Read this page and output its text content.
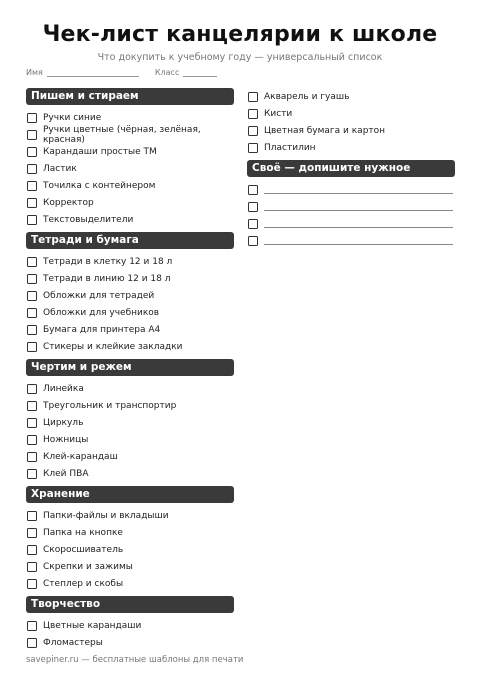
Чек-лист канцелярии к школе
Что докупить к учебному году — универсальный список
Имя	Класс
Пишем и стираем
Ручки синие
Ручки цветные (чёрная, зелёная, красная)
Карандаши простые ТМ
Ластик
Точилка с контейнером
Корректор
Текстовыделители
Тетради и бумага
Тетради в клетку 12 и 18 л
Тетради в линию 12 и 18 л
Обложки для тетрадей
Обложки для учебников
Бумага для принтера А4
Стикеры и клейкие закладки
Чертим и режем
Линейка
Треугольник и транспортир
Циркуль
Ножницы
Клей-карандаш
Клей ПВА
Хранение
Папки-файлы и вкладыши
Папка на кнопке
Скоросшиватель
Скрепки и зажимы
Степлер и скобы
Творчество
Цветные карандаши
Фломастеры
Акварель и гуашь
Кисти
Цветная бумага и картон
Пластилин
Своё — допишите нужное
savepiner.ru — бесплатные шаблоны для печати
